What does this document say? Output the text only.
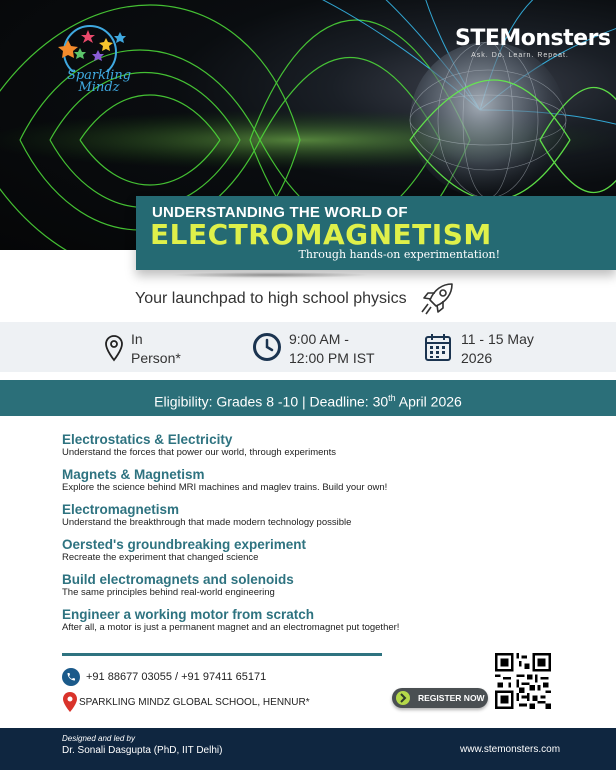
Sparkling Mindz
STEMonsters
Ask. Do. Learn. Repeat.
UNDERSTANDING THE WORLD OF
ELECTROMAGNETISM
Through hands-on experimentation!
Your launchpad to high school physics
In
Person*
9:00 AM -
12:00 PM IST
11 - 15 May
2026
Eligibility: Grades 8 -10 | Deadline: 30th April 2026
Electrostatics & Electricity
Understand the forces that power our world, through experiments
Magnets & Magnetism
Explore the science behind MRI machines and maglev trains. Build your own!
Electromagnetism
Understand the breakthrough that made modern technology possible
Oersted's groundbreaking experiment
Recreate the experiment that changed science
Build electromagnets and solenoids
The same principles behind real-world engineering
Engineer a working motor from scratch
After all, a motor is just a permanent magnet and an electromagnet put together!
+91 88677 03055 / +91 97411 65171
SPARKLING MINDZ GLOBAL SCHOOL, HENNUR*	REGISTER NOW
Designed and led by
Dr. Sonali Dasgupta (PhD, IIT Delhi)	www.stemonsters.com
